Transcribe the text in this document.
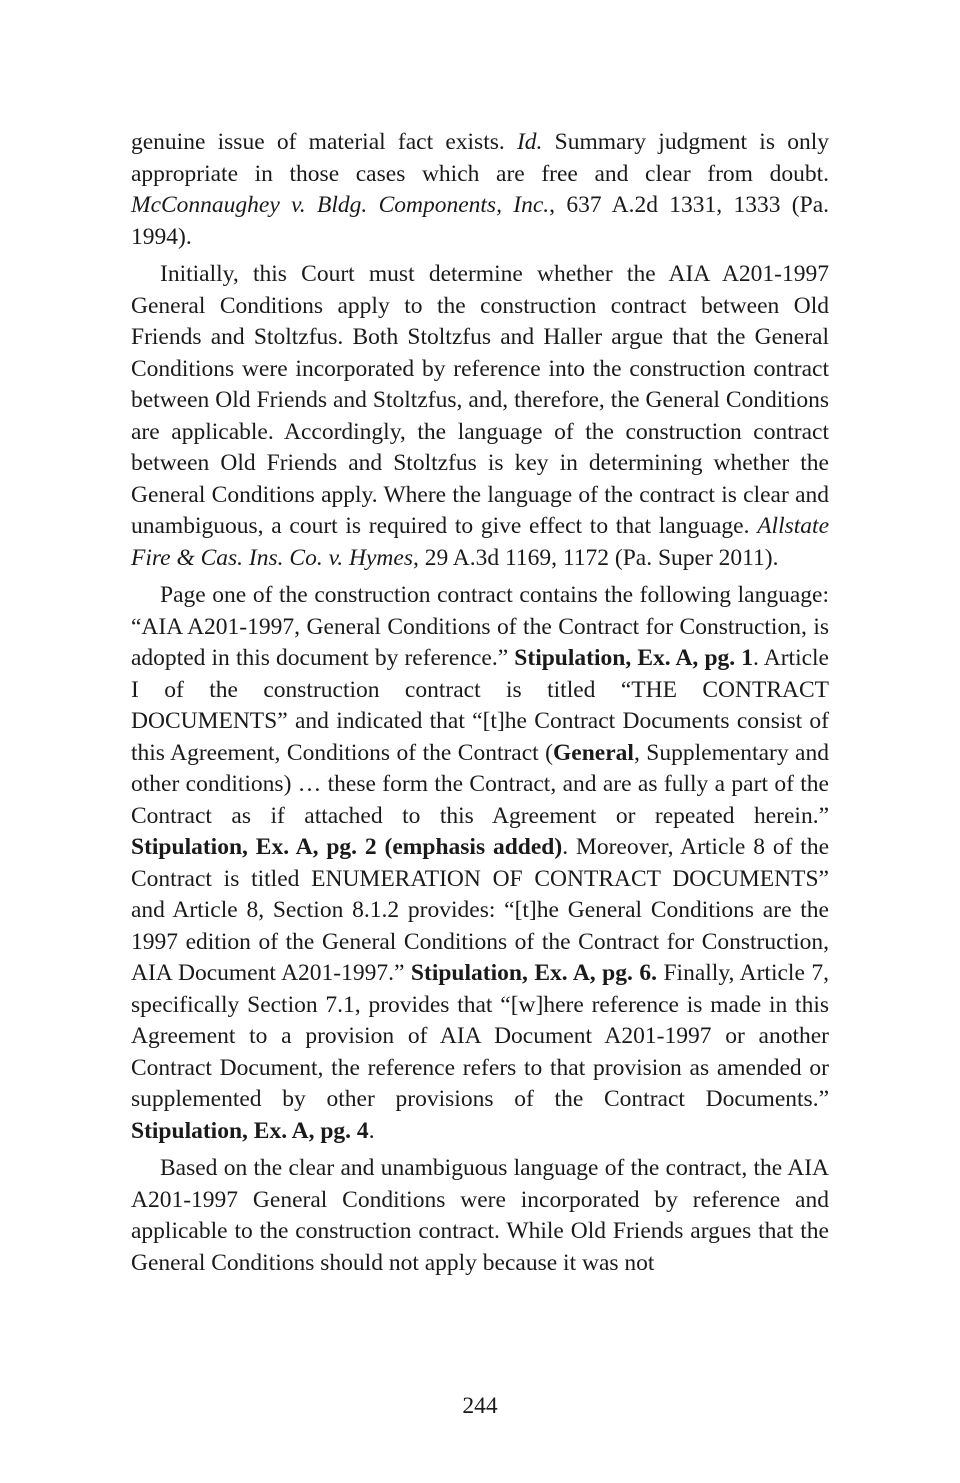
genuine issue of material fact exists. Id. Summary judgment is only appropriate in those cases which are free and clear from doubt. McConnaughey v. Bldg. Components, Inc., 637 A.2d 1331, 1333 (Pa. 1994).

Initially, this Court must determine whether the AIA A201-1997 General Conditions apply to the construction contract between Old Friends and Stoltzfus. Both Stoltzfus and Haller argue that the General Conditions were incorporated by reference into the construction contract between Old Friends and Stoltzfus, and, therefore, the General Conditions are applicable. Accordingly, the language of the construction contract between Old Friends and Stoltzfus is key in determining whether the General Conditions apply. Where the language of the contract is clear and unambiguous, a court is required to give effect to that language. Allstate Fire & Cas. Ins. Co. v. Hymes, 29 A.3d 1169, 1172 (Pa. Super 2011).

Page one of the construction contract contains the following language: “AIA A201-1997, General Conditions of the Contract for Construction, is adopted in this document by reference.” Stipulation, Ex. A, pg. 1. Article I of the construction contract is titled “THE CONTRACT DOCUMENTS” and indicated that “[t]he Contract Documents consist of this Agreement, Conditions of the Contract (General, Supplementary and other conditions) … these form the Contract, and are as fully a part of the Contract as if attached to this Agreement or repeated herein.” Stipulation, Ex. A, pg. 2 (emphasis added). Moreover, Article 8 of the Contract is titled ENUMERATION OF CONTRACT DOCUMENTS” and Article 8, Section 8.1.2 provides: “[t]he General Conditions are the 1997 edition of the General Conditions of the Contract for Construction, AIA Document A201-1997.” Stipulation, Ex. A, pg. 6. Finally, Article 7, specifically Section 7.1, provides that “[w]here reference is made in this Agreement to a provision of AIA Document A201-1997 or another Contract Document, the reference refers to that provision as amended or supplemented by other provisions of the Contract Documents.” Stipulation, Ex. A, pg. 4.

Based on the clear and unambiguous language of the contract, the AIA A201-1997 General Conditions were incorporated by reference and applicable to the construction contract. While Old Friends argues that the General Conditions should not apply because it was not

244
